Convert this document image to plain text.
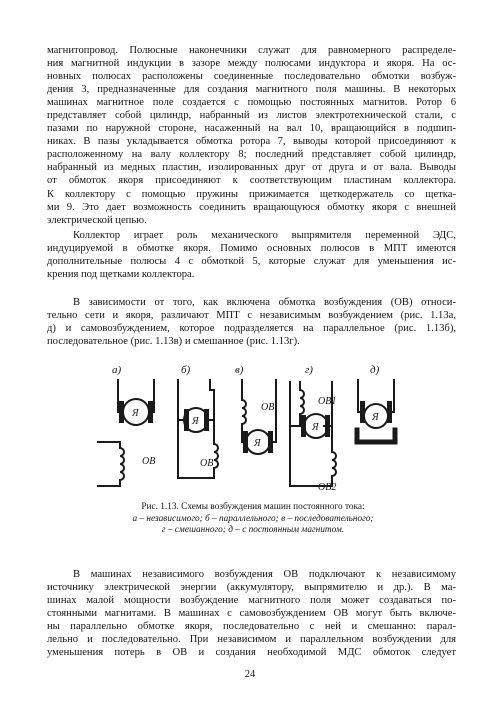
магнитопровод. Полюсные наконечники служат для равномерного распределе-
ния магнитной индукции в зазоре между полюсами индуктора и якоря. На ос-
новных полюсах расположены соединенные последовательно обмотки возбуж-
дения 3, предназначенные для создания магнитного поля машины. В некоторых
машинах магнитное поле создается с помощью постоянных магнитов. Ротор 6
представляет собой цилиндр, набранный из листов электротехнической стали, с
пазами по наружной стороне, насаженный на вал 10, вращающийся в подшип-
никах. В пазы укладывается обмотка ротора 7, выводы которой присоединяют к
расположенному на валу коллектору 8; последний представляет собой цилиндр,
набранный из медных пластин, изолированных друг от друга и от вала. Выводы
от обмоток якоря присоединяют к соответствующим пластинам коллектора.
К коллектору с помощью пружины прижимается щеткодержатель со щетка-
ми 9. Это дает возможность соединить вращающуюся обмотку якоря с внешней
электрической цепью.
Коллектор играет роль механического выпрямителя переменной ЭДС,
индуцируемой в обмотке якоря. Помимо основных полюсов в МПТ имеются
дополнительные полюсы 4 с обмоткой 5, которые служат для уменьшения ис-
крения под щетками коллектора.
В зависимости от того, как включена обмотка возбуждения (ОВ) относи-
тельно сети и якоря, различают МПТ с независимым возбуждением (рис. 1.13а,
д) и самовозбуждением, которое подразделяется на параллельное (рис. 1.13б),
последовательное (рис. 1.13в) и смешанное (рис. 1.13г).
а)	б)	в)	г)	д)
Я
Я
Я
Я
Я
ОВ	ОВ
ОВ
ОВ1
ОВ2
Рис. 1.13. Схемы возбуждения машин постоянного тока:
а – независимого; б – параллельного; в – последовательного;
г – смешанного; д – с постоянным магнитом.
В машинах независимого возбуждения ОВ подключают к независимому
источнику электрической энергии (аккумулятору, выпрямителю и др.). В ма-
шинах малой мощности возбуждение магнитного поля может создаваться по-
стоянными магнитами. В машинах с самовозбуждением ОВ могут быть включе-
ны параллельно обмотке якоря, последовательно с ней и смешанно: парал-
лельно и последовательно. При независимом и параллельном возбуждении для
уменьшения потерь в ОВ и создания необходимой МДС обмоток следует
24
